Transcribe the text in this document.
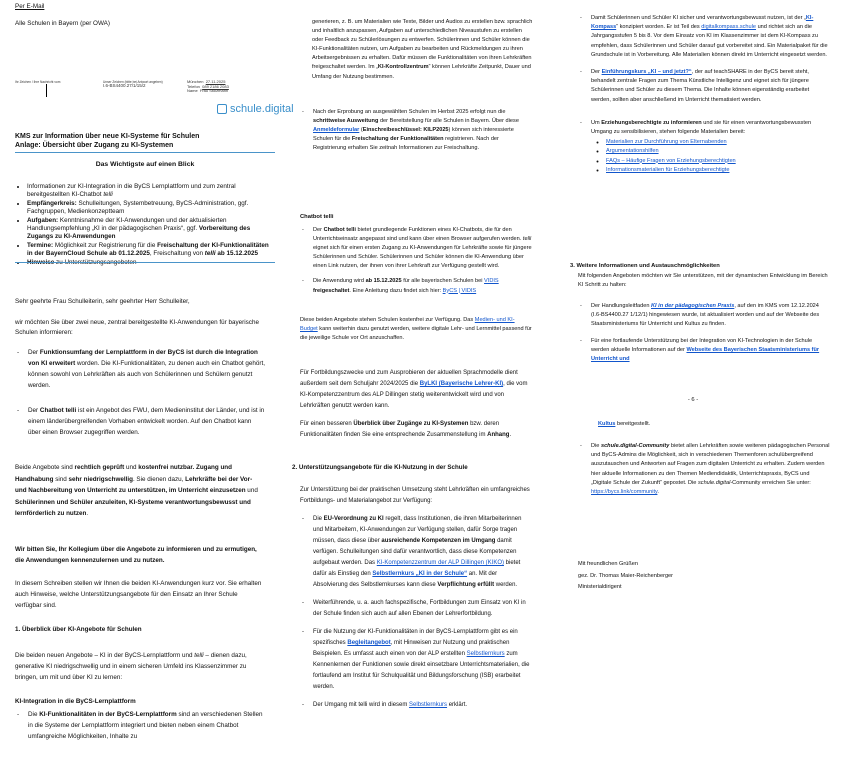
Per E-Mail
Alle Schulen in Bayern (per OWA)
Ihr Zeichen / Ihre Nachricht vom	Unser Zeichen (bitte bei Antwort angeben)
I.6-BS4400.27/1/15/2
München 27.11.2025
Telefon 089 2186 2083
Name Frau Stolzmann
KMS zur Information über neue KI-Systeme für Schulen
Anlage: Übersicht über Zugang zu KI-Systemen
Das Wichtigste auf einen Blick
• Informationen zur KI-Integration in die ByCS Lernplattform und zum zentral bereitgestellten KI-Chatbot telli
• Empfängerkreis: Schulleitungen, Systembetreuung, ByCS-Administration, ggf. Fachgruppen, Medienkonzeptteam
• Aufgaben: Kenntnisnahme der KI-Anwendungen und der aktualisierten Handlungsempfehlung „KI in der pädagogischen Praxis“, ggf. Vorbereitung des Zugangs zu KI-Anwendungen
• Termine: Möglichkeit zur Registrierung für die Freischaltung der KI-Funktionalitäten in der BayernCloud Schule ab 01.12.2025, Freischaltung von telli ab 15.12.2025
• Hinweise zu Unterstützungsangeboten

Sehr geehrte Frau Schulleiterin, sehr geehrter Herr Schulleiter,

wir möchten Sie über zwei neue, zentral bereitgestellte KI-Anwendungen für bayerische Schulen informieren:

- Der Funktionsumfang der Lernplattform in der ByCS ist durch die Integration von KI erweitert worden. Die KI-Funktionalitäten, zu denen auch ein Chatbot gehört, können sowohl von Lehrkräften als auch von Schülerinnen und Schülern genutzt werden.
- Der Chatbot telli ist ein Angebot des FWU, dem Medieninstitut der Länder, und ist in einem länderübergreifenden Vorhaben entwickelt worden. Auf den Chatbot kann über einen Browser zugegriffen werden.

Beide Angebote sind rechtlich geprüft und kostenfrei nutzbar. Zugang und Handhabung sind sehr niedrigschwellig. Sie dienen dazu, Lehrkräfte bei der Vor- und Nachbereitung von Unterricht zu unterstützen, im Unterricht einzusetzen und Schülerinnen und Schüler anzuleiten, KI-Systeme verantwortungsbewusst und lernförderlich zu nutzen.

Wir bitten Sie, Ihr Kollegium über die Angebote zu informieren und zu ermutigen, die Anwendungen kennenzulernen und zu nutzen.

In diesem Schreiben stellen wir Ihnen die beiden KI-Anwendungen kurz vor. Sie erhalten auch Hinweise, welche Unterstützungsangebote für den Einsatz an Ihrer Schule verfügbar sind.

1. Überblick über KI-Angebote für Schulen

Die beiden neuen Angebote – KI in der ByCS-Lernplattform und telli – dienen dazu, generative KI niedrigschwellig und in einem sicheren Umfeld ins Klassenzimmer zu bringen, um mit und über KI zu lernen:

KI-Integration in die ByCS-Lernplattform

- Die KI-Funktionalitäten in der ByCS-Lernplattform sind an verschiedenen Stellen in die Systeme der Lernplattform integriert und bieten neben einem Chatbot umfangreiche Möglichkeiten, Inhalte zu
schule.digital

generieren, z. B. um Materialien wie Texte, Bilder und Audios zu erstellen bzw. sprachlich und inhaltlich anzupassen, Aufgaben auf unterschiedlichen Niveaustufen zu erstellen oder Feedback zu Schülerlösungen zu entwerfen. Schülerinnen und Schüler können die KI-Funktionalitäten nutzen, um Aufgaben zu bearbeiten und Rückmeldungen zu ihren Arbeitsergebnissen zu erhalten. Dafür müssen die Funktionalitäten von ihren Lehrkräften freigeschaltet werden. Im „KI-Kontrollzentrum“ können Lehrkräfte Zeitpunkt, Dauer und Umfang der Nutzung bestimmen.

- Nach der Erprobung an ausgewählten Schulen im Herbst 2025 erfolgt nun die schrittweise Ausweitung der Bereitstellung für alle Schulen in Bayern. Über diese Anmeldeformular (Einschreibeschlüssel: KILP2025) können sich interessierte Schulen für die Freischaltung der Funktionalitäten registrieren. Nach der Registrierung erhalten Sie zeitnah Informationen zur Freischaltung.

Chatbot telli

- Der Chatbot telli bietet grundlegende Funktionen eines KI-Chatbots, die für den Unterrichtseinsatz angepasst sind und kann über einen Browser aufgerufen werden. telli eignet sich für einen ersten Zugang zu KI-Anwendungen für Lehrkräfte sowie für jüngere Schülerinnen und Schüler. Schülerinnen und Schüler können die KI-Anwendung über einen Link nutzen, der ihnen von ihrer Lehrkraft zur Verfügung gestellt wird.
- Die Anwendung wird ab 15.12.2025 für alle bayerischen Schulen bei VIDIS freigeschaltet. Eine Anleitung dazu findet sich hier: ByCS | VIDIS

Diese beiden Angebote stehen Schulen kostenfrei zur Verfügung. Das Medien- und KI-Budget kann weiterhin dazu genutzt werden, weitere digitale Lehr- und Lernmittel passend für die jeweilige Schule vor Ort anzuschaffen.

Für Fortbildungszwecke und zum Ausprobieren der aktuellen Sprachmodelle dient außerdem seit dem Schuljahr 2024/2025 die ByLKI (Bayerische Lehrer-KI), die vom KI-Kompetenzzentrum des ALP Dillingen stetig weiterentwickelt wird und von Lehrkräften genutzt werden kann.

Für einen besseren Überblick über Zugänge zu KI-Systemen bzw. deren Funktionalitäten finden Sie eine entsprechende Zusammenstellung im Anhang.

2. Unterstützungsangebote für die KI-Nutzung in der Schule

Zur Unterstützung bei der praktischen Umsetzung steht Lehrkräften ein umfangreiches Fortbildungs- und Materialangebot zur Verfügung:

- Die EU-Verordnung zu KI regelt, dass Institutionen, die ihren Mitarbeiterinnen und Mitarbeitern, KI-Anwendungen zur Verfügung stellen, dafür Sorge tragen müssen, dass diese über ausreichende Kompetenzen im Umgang damit verfügen. Schulleitungen sind dafür verantwortlich, dass diese Kompetenzen aufgebaut werden. Das KI-Kompetenzzentrum der ALP Dillingen (KIKO) bietet dafür als Einstieg den Selbstlernkurs „KI in der Schule“ an. Mit der Absolvierung des Selbstlernkurses kann diese Verpflichtung erfüllt werden.
- Weiterführende, u. a. auch fachspezifische, Fortbildungen zum Einsatz von KI in der Schule finden sich auch auf allen Ebenen der Lehrerfortbildung.
- Für die Nutzung der KI-Funktionalitäten in der ByCS-Lernplattform gibt es ein spezifisches Begleitangebot, mit Hinweisen zur Nutzung und praktischen Beispielen. Es umfasst auch einen von der ALP erstellten Selbstlernkurs zum Kennenlernen der Funktionen sowie direkt einsetzbare Unterrichtsmaterialien, die fortlaufend am Institut für Schulqualität und Bildungsforschung (ISB) erarbeitet werden.
- Der Umgang mit telli wird in diesem Selbstlernkurs erklärt.
- Damit Schülerinnen und Schüler KI sicher und verantwortungsbewusst nutzen, ist der „KI-Kompass“ konzipiert worden. Er ist Teil des digitalkompass.schule und richtet sich an die Jahrgangsstufen 5 bis 8. Vor dem Einsatz von KI im Klassenzimmer ist dem KI-Kompass zu empfehlen, dass Schülerinnen und Schüler darauf gut vorbereitet sind. Ein Materialpaket für die Grundschule ist in Vorbereitung. Alle Materialien können direkt im Unterricht eingesetzt werden.
- Der Einführungskurs „KI – und jetzt?“, der auf teachSHARE in der ByCS bereit steht, behandelt zentrale Fragen zum Thema Künstliche Intelligenz und eignet sich für jüngere Schülerinnen und Schüler zu diesem Thema. Die Inhalte können eigenständig erarbeitet werden, sollten aber anschließend im Unterricht thematisiert werden.
- Um Erziehungsberechtigte zu informieren und sie für einen verantwortungsbewussten Umgang zu sensibilisieren, stehen folgende Materialien bereit:
◦ Materialien zur Durchführung von Elternabenden
◦ Argumentationshilfen
◦ FAQs – Häufige Fragen von Erziehungsberechtigten
◦ Informationsmaterialien für Erziehungsberechtigte

3. Weitere Informationen und Austauschmöglichkeiten

Mit folgenden Angeboten möchten wir Sie unterstützen, mit der dynamischen Entwicklung im Bereich KI Schritt zu halten:

- Der Handlungsleitfaden KI in der pädagogischen Praxis, auf den im KMS vom 12.12.2024 (I.6-BS4400.27 1/12/1) hingewiesen wurde, ist aktualisiert worden und auf der Webseite des Staatsministeriums für Unterricht und Kultus zu finden.
- Für eine fortlaufende Unterstützung bei der Integration von KI-Technologien in der Schule werden aktuelle Informationen auf der Webseite des Bayerischen Staatsministeriums für Unterricht und
- 6 -

Kultus bereitgestellt.

- Die schule.digital-Community bietet allen Lehrkräften sowie weiteren pädagogischen Personal und ByCS-Admins die Möglichkeit, sich in verschiedenen Themenforen schulübergreifend auszutauschen und Antworten auf Fragen zum digitalen Unterricht zu erhalten. Zudem werden hier aktuelle Informationen zu den Themen Mediendidaktik, Unterrichtspraxis, ByCS und „Digitale Schule der Zukunft“ gepostet. Die schule.digital-Community erreichen Sie unter: https://bycs.link/community.

Mit freundlichen Grüßen

gez. Dr. Thomas Maier-Reichenberger

Ministerialdirigent
